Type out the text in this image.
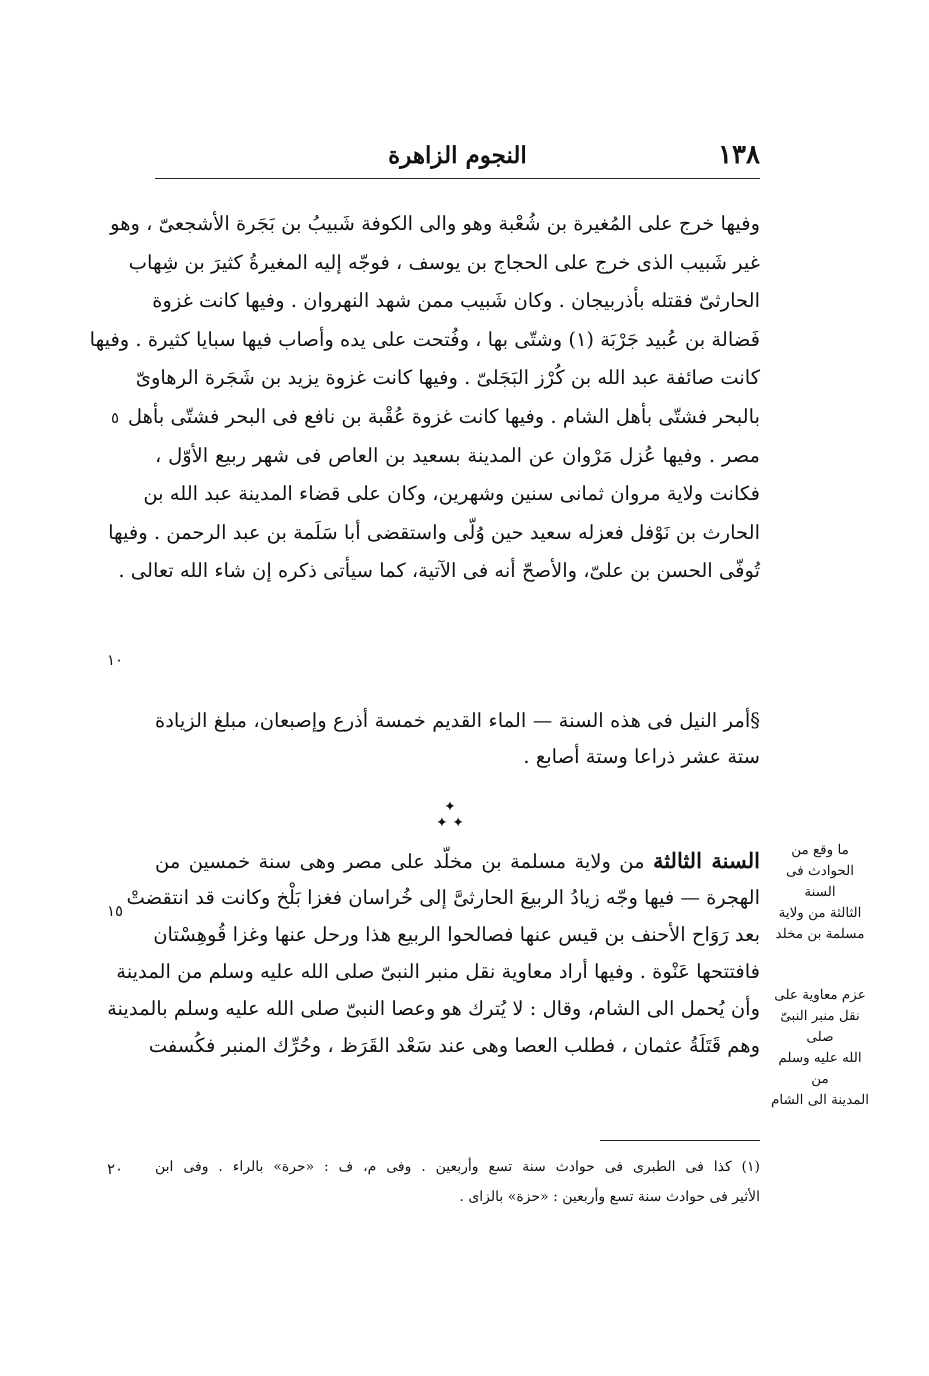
١٣٨
النجوم الزاهرة
وفيها خرج على المُغيرة بن شُعْبة وهو والى الكوفة شَبيبُ بن بَجَرة الأشجعىّ ، وهو
غير شَبيب الذى خرج على الحجاج بن يوسف ، فوجّه إليه المغيرةُ كثيرَ بن شِهاب
الحارثىّ فقتله بأذربيجان . وكان شَبيب ممن شهد النهروان . وفيها كانت غزوة
فَضالة بن عُبيد جَرْبَة (١) وشتّى بها ، وفُتحت على يده وأصاب فيها سبايا كثيرة . وفيها
كانت صائفة عبد الله بن كُرْز البَجَلىّ . وفيها كانت غزوة يزيد بن شَجَرة الرهاوىّ
بالبحر فشتّى بأهل الشام . وفيها كانت غزوة عُقْبة بن نافع فى البحر فشتّى بأهل
مصر . وفيها عُزل مَرْوان عن المدينة بسعيد بن العاص فى شهر ربيع الأوّل ،
فكانت ولاية مروان ثمانى سنين وشهرين، وكان على قضاء المدينة عبد الله بن
الحارث بن نَوْفل فعزله سعيد حين وُلّى واستقضى أبا سَلَمة بن عبد الرحمن . وفيها
تُوفّى الحسن بن علىّ، والأصحّ أنه فى الآتية، كما سيأتى ذكره إن شاء الله تعالى .
§أمر النيل فى هذه السنة — الماء القديم خمسة أذرع وإصبعان، مبلغ الزيادة
ستة عشر ذراعا وستة أصابع .
✦
✦ ✦
السنة الثالثة من ولاية مسلمة بن مخلّد على مصر وهى سنة خمسين من
الهجرة — فيها وجّه زيادُ الربيعَ الحارثىَّ إلى خُراسان فغزا بَلْخ وكانت قد انتقضتْ
بعد رَوَاح الأحنف بن قيس عنها فصالحوا الربيع هذا ورحل عنها وغزا قُوهِسْتان
فافتتحها عَنْوة . وفيها أراد معاوية نقل منبر النبىّ صلى الله عليه وسلم من المدينة
وأن يُحمل الى الشام، وقال : لا يُترك هو وعصا النبىّ صلى الله عليه وسلم بالمدينة
وهم قَتَلَةُ عثمان ، فطلب العصا وهى عند سَعْد القَرَظ ، وحُرِّك المنبر فكُسفت
٥
١٠
١٥
٢٠
ما وقع من
الحوادث فى السنة
الثالثة من ولاية
مسلمة بن مخلد
عزم معاوية على
نقل منبر النبىّ صلى
الله عليه وسلم من
المدينة الى الشام
(١) كذا فى الطبرى فى حوادث سنة تسع وأربعين . وفى م، ف : «حرة» بالراء . وفى ابن
الأثير فى حوادث سنة تسع وأربعين : «حزة» بالزاى .
